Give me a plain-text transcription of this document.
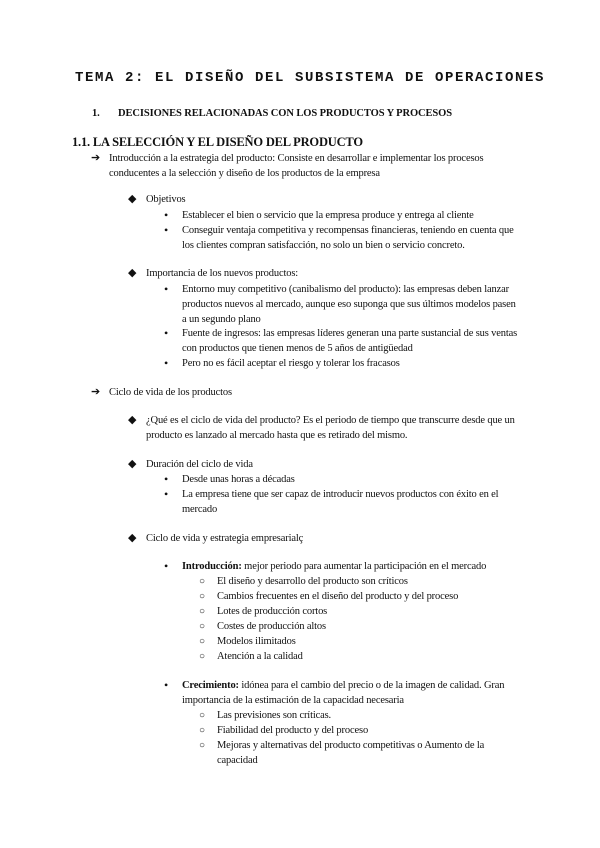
TEMA 2: EL DISEÑO DEL SUBSISTEMA DE OPERACIONES
1. DECISIONES RELACIONADAS CON LOS PRODUCTOS Y PROCESOS
1.1. LA SELECCIÓN Y EL DISEÑO DEL PRODUCTO
➔ Introducción a la estrategia del producto: Consiste en desarrollar e implementar los procesos conducentes a la selección y diseño de los productos de la empresa
◆ Objetivos
• Establecer el bien o servicio que la empresa produce y entrega al cliente
• Conseguir ventaja competitiva y recompensas financieras, teniendo en cuenta que los clientes compran satisfacción, no solo un bien o servicio concreto.
◆ Importancia de los nuevos productos:
• Entorno muy competitivo (canibalismo del producto): las empresas deben lanzar productos nuevos al mercado, aunque eso suponga que sus últimos modelos pasen a un segundo plano
• Fuente de ingresos: las empresas líderes generan una parte sustancial de sus ventas con productos que tienen menos de 5 años de antigüedad
• Pero no es fácil aceptar el riesgo y tolerar los fracasos
➔ Ciclo de vida de los productos
◆ ¿Qué es el ciclo de vida del producto? Es el periodo de tiempo que transcurre desde que un producto es lanzado al mercado hasta que es retirado del mismo.
◆ Duración del ciclo de vida
• Desde unas horas a décadas
• La empresa tiene que ser capaz de introducir nuevos productos con éxito en el mercado
◆ Ciclo de vida y estrategia empresarialç
• Introducción: mejor periodo para aumentar la participación en el mercado
○ El diseño y desarrollo del producto son críticos
○ Cambios frecuentes en el diseño del producto y del proceso
○ Lotes de producción cortos
○ Costes de producción altos
○ Modelos ilimitados
○ Atención a la calidad
• Crecimiento: idónea para el cambio del precio o de la imagen de calidad. Gran importancia de la estimación de la capacidad necesaria
○ Las previsiones son críticas.
○ Fiabilidad del producto y del proceso
○ Mejoras y alternativas del producto competitivas o Aumento de la capacidad
